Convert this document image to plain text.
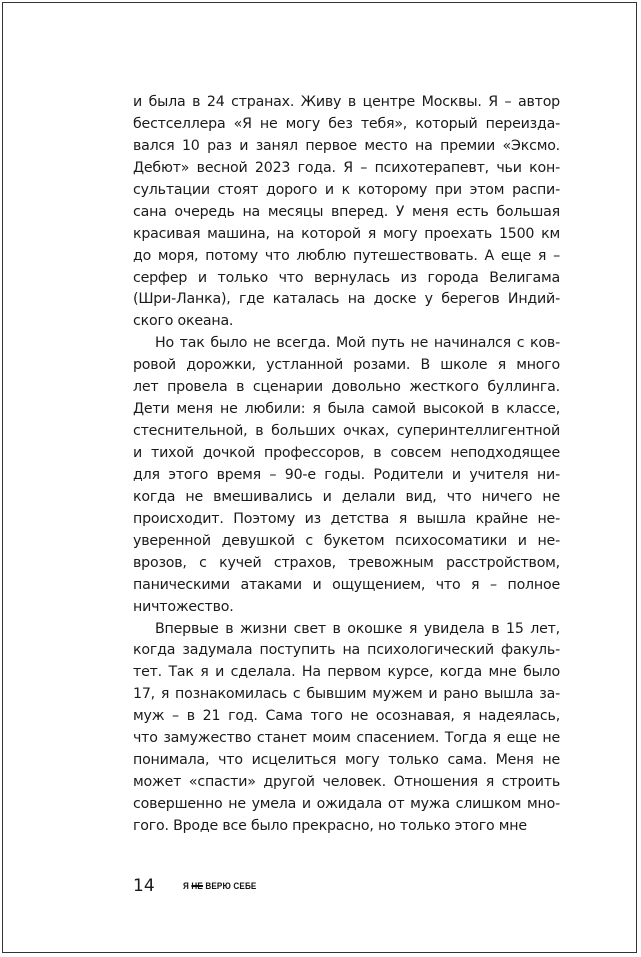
и была в 24 странах. Живу в центре Москвы. Я – автор
бестселлера «Я не могу без тебя», который переизда-
вался 10 раз и занял первое место на премии «Эксмо.
Дебют» весной 2023 года. Я – психотерапевт, чьи кон-
сультации стоят дорого и к которому при этом распи-
сана очередь на месяцы вперед. У меня есть большая
красивая машина, на которой я могу проехать 1500 км
до моря, потому что люблю путешествовать. А еще я –
серфер и только что вернулась из города Велигама
(Шри-Ланка), где каталась на доске у берегов Индий-
ского океана.
Но так было не всегда. Мой путь не начинался с ков-
ровой дорожки, устланной розами. В школе я много
лет провела в сценарии довольно жесткого буллинга.
Дети меня не любили: я была самой высокой в классе,
стеснительной, в больших очках, суперинтеллигентной
и тихой дочкой профессоров, в совсем неподходящее
для этого время – 90-е годы. Родители и учителя ни-
когда не вмешивались и делали вид, что ничего не
происходит. Поэтому из детства я вышла крайне не-
уверенной девушкой с букетом психосоматики и не-
врозов, с кучей страхов, тревожным расстройством,
паническими атаками и ощущением, что я – полное
ничтожество.
Впервые в жизни свет в окошке я увидела в 15 лет,
когда задумала поступить на психологический факуль-
тет. Так я и сделала. На первом курсе, когда мне было
17, я познакомилась с бывшим мужем и рано вышла за-
муж – в 21 год. Сама того не осознавая, я надеялась,
что замужество станет моим спасением. Тогда я еще не
понимала, что исцелиться могу только сама. Меня не
может «спасти» другой человек. Отношения я строить
совершенно не умела и ожидала от мужа слишком мно-
гого. Вроде все было прекрасно, но только этого мне
14	Я НЕ ВЕРЮ СЕБЕ
